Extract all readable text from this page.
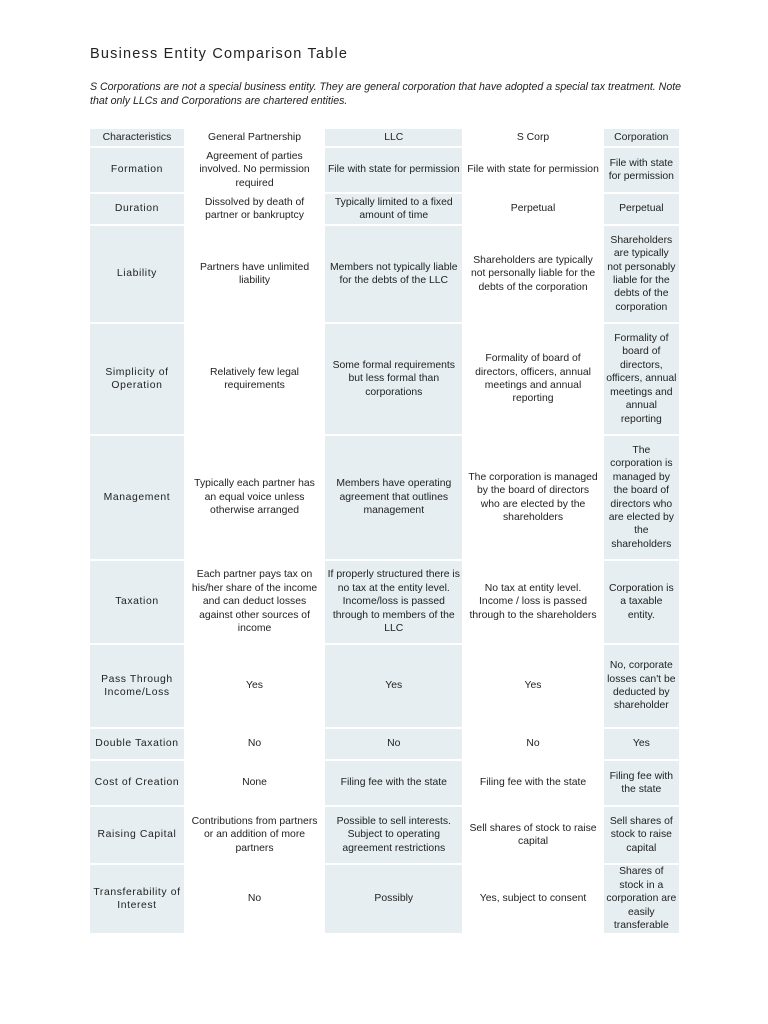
Business Entity Comparison Table
S Corporations are not a special business entity. They are general corporation that have adopted a special tax treatment. Note that only LLCs and Corporations are chartered entities.
Characteristics	General Partnership	LLC	S Corp	Corporation
Formation	Agreement of parties involved. No permission required	File with state for permission	File with state for permission	File with state for permission
Duration	Dissolved by death of partner or bankruptcy	Typically limited to a fixed amount of time	Perpetual	Perpetual
Liability	Partners have unlimited liability	Members not typically liable for the debts of the LLC	Shareholders are typically not personally liable for the debts of the corporation	Shareholders are typically not personably liable for the debts of the corporation
Simplicity of Operation	Relatively few legal requirements	Some formal requirements but less formal than corporations	Formality of board of directors, officers, annual meetings and annual reporting	Formality of board of directors, officers, annual meetings and annual reporting
Management	Typically each partner has an equal voice unless otherwise arranged	Members have operating agreement that outlines management	The corporation is managed by the board of directors who are elected by the shareholders	The corporation is managed by the board of directors who are elected by the shareholders
Taxation	Each partner pays tax on his/her share of the income and can deduct losses against other sources of income	If properly structured there is no tax at the entity level. Income/loss is passed through to members of the LLC	No tax at entity level. Income / loss is passed through to the shareholders	Corporation is a taxable entity.
Pass Through Income/Loss	Yes	Yes	Yes	No, corporate losses can't be deducted by shareholder
Double Taxation	No	No	No	Yes
Cost of Creation	None	Filing fee with the state	Filing fee with the state	Filing fee with the state
Raising Capital	Contributions from partners or an addition of more partners	Possible to sell interests. Subject to operating agreement restrictions	Sell shares of stock to raise capital	Sell shares of stock to raise capital
Transferability of Interest	No	Possibly	Yes, subject to consent	Shares of stock in a corporation are easily transferable
